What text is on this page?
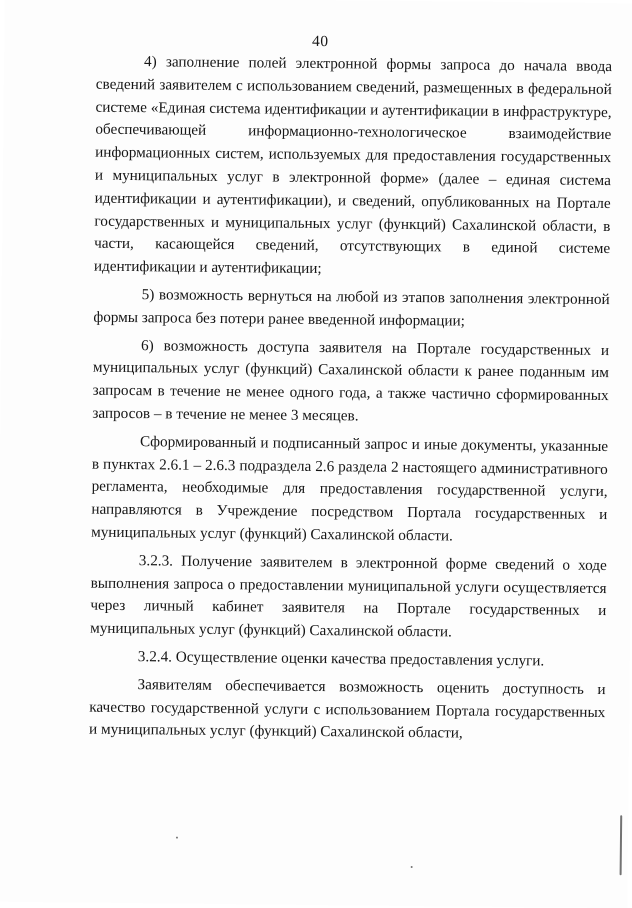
40

4) заполнение полей электронной формы запроса до начала ввода сведений заявителем с использованием сведений, размещенных в федеральной системе «Единая система идентификации и аутентификации в инфраструктуре, обеспечивающей информационно-технологическое взаимодействие информационных систем, используемых для предоставления государственных и муниципальных услуг в электронной форме» (далее – единая система идентификации и аутентификации), и сведений, опубликованных на Портале государственных и муниципальных услуг (функций) Сахалинской области, в части, касающейся сведений, отсутствующих в единой системе идентификации и аутентификации;

5) возможность вернуться на любой из этапов заполнения электронной формы запроса без потери ранее введенной информации;

6) возможность доступа заявителя на Портале государственных и муниципальных услуг (функций) Сахалинской области к ранее поданным им запросам в течение не менее одного года, а также частично сформированных запросов – в течение не менее 3 месяцев.

Сформированный и подписанный запрос и иные документы, указанные в пунктах 2.6.1 – 2.6.3 подраздела 2.6 раздела 2 настоящего административного регламента, необходимые для предоставления государственной услуги, направляются в Учреждение посредством Портала государственных и муниципальных услуг (функций) Сахалинской области.

3.2.3. Получение заявителем в электронной форме сведений о ходе выполнения запроса о предоставлении муниципальной услуги осуществляется через личный кабинет заявителя на Портале государственных и муниципальных услуг (функций) Сахалинской области.

3.2.4. Осуществление оценки качества предоставления услуги.

Заявителям обеспечивается возможность оценить доступность и качество государственной услуги с использованием Портала государственных и муниципальных услуг (функций) Сахалинской области,
